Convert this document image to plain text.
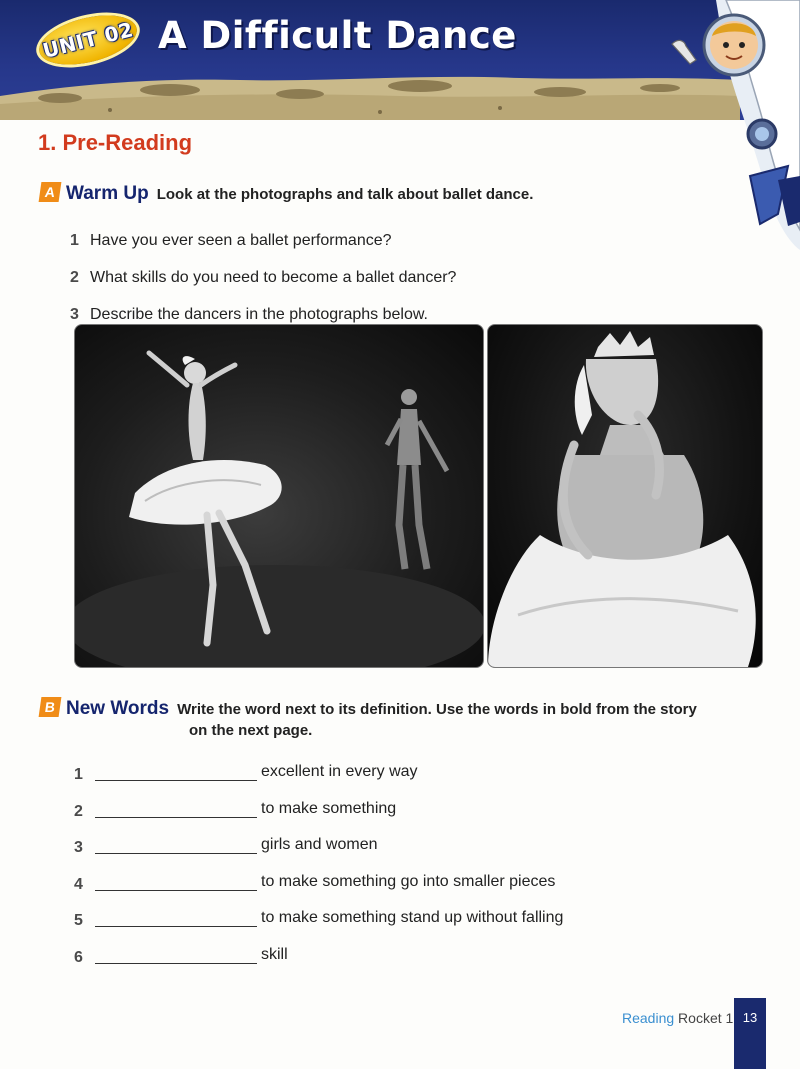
UNIT 02 A Difficult Dance
1. Pre-Reading
A Warm Up Look at the photographs and talk about ballet dance.
1 Have you ever seen a ballet performance?
2 What skills do you need to become a ballet dancer?
3 Describe the dancers in the photographs below.
B New Words Write the word next to its definition. Use the words in bold from the story
on the next page.
1	excellent in every way
2	to make something
3	girls and women
4	to make something go into smaller pieces
5	to make something stand up without falling
6	skill
Reading Rocket 1 13
